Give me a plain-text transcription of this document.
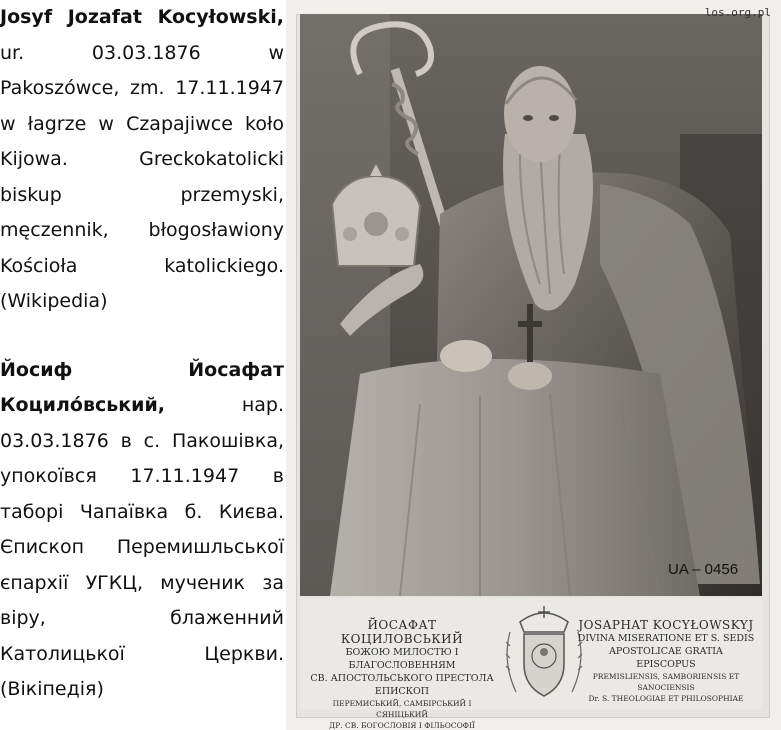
Josyf Jozafat Kocyłowski, ur. 03.03.1876 w Pakoszówce, zm. 17.11.1947 w łagrze w Czapajiwce koło Kijowa. Greckokatolicki biskup przemyski, męczennik, błogosławiony Kościoła katolickiego. (Wikipedia)

Йосиф Йосафат Коцило́вський,	нар. 03.03.1876 в с. Пакошівка, упокоївся 17.11.1947 в таборі Чапаївка б. Києва. Єпископ Перемишльської єпархії УГКЦ, мученик за віру, блаженний Католицької Церкви. (Вікіпедія)

los.org.pl
UA – 0456
ЙОСАФАТ КОЦИЛОВСЬКИЙ
БОЖОЮ МИЛОСТЮ І БЛАГОСЛОВЕННЯМ
СВ. АПОСТОЛЬСЬКОГО ПРЕСТОЛА
ЕПИСКОП
ПЕРЕМИСЬКИЙ, САМБІРСЬКИЙ І СЯНІЦЬКИЙ
ДР. СВ. БОГОСЛОВІЯ І ФІЛЬОСОФІЇ
JOSAPHAT KOCYŁOWSKYJ
DIVINA MISERATIONE ET S. SEDIS
APOSTOLICAE GRATIA
EPISCOPUS
PREMISLIENSIS, SAMBORIENSIS ET SANOCIENSIS
Dr. S. THEOLOGIAE ET PHILOSOPHIAE
